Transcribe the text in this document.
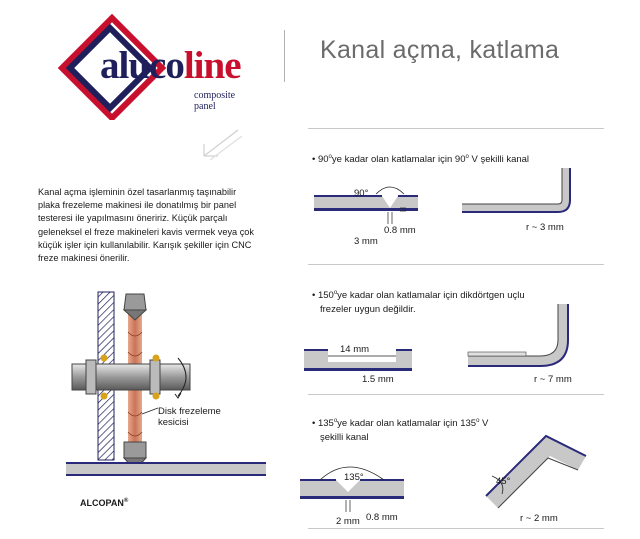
alucoline
composite panel
Kanal açma, katlama
Kanal açma işleminin özel tasarlanmış taşınabilir plaka frezeleme makinesi ile donatılmış bir panel testeresi ile yapılmasını öneririz. Küçük parçalı geleneksel el freze makineleri kavis vermek veya çok küçük işler için kullanılabilir. Karışık şekiller için CNC freze makinesi önerilir.
Disk frezeleme
kesicisi
ALCOPAN®
• 90$^o$ye kadar olan katlamalar için 90$^o$ V şekilli kanal
90°
3 mm
0.8 mm	r ~ 3 mm
• 150$^o$ye kadar olan katlamalar için dikdörtgen uçlu
frezeler uygun değildir.
14 mm
1.5 mm	r ~ 7 mm
• 135$^o$ye kadar olan katlamalar için 135$^o$ V
şekilli kanal
135°
2 mm 0.8 mm
45°
r ~ 2 mm
